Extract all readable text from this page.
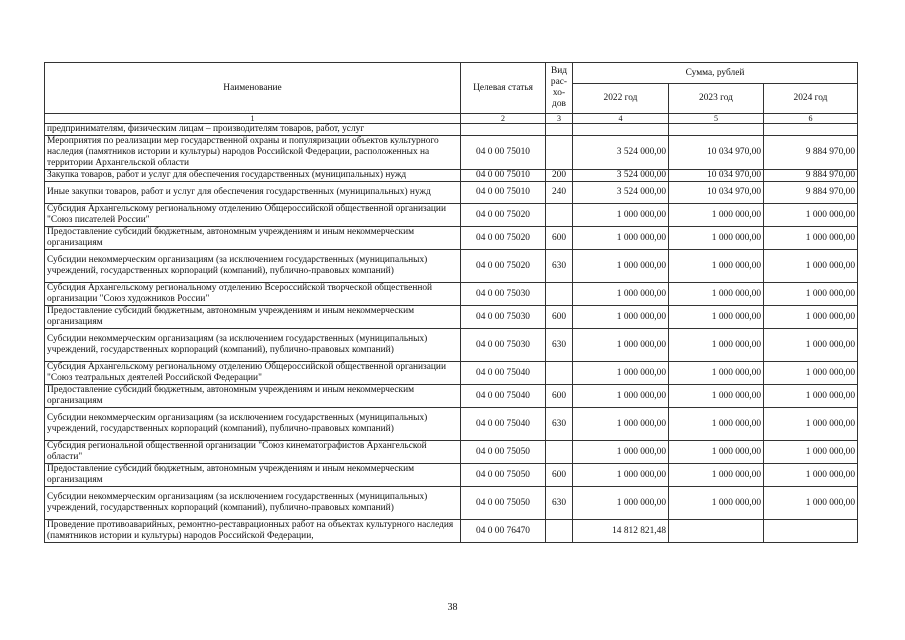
Наименование	Целевая статья	Вид рас-хо-дов	Сумма, рублей		
			2022 год	2023 год	2024 год
1	2	3	4	5	6
предпринимателям, физическим лицам – производителям товаров, работ, услуг					
Мероприятия по реализации мер государственной охраны и популяризации объектов культурного наследия (памятников истории и культуры) народов Российской Федерации, расположенных на территории Архангельской области	04 0 00 75010		3 524 000,00	10 034 970,00	9 884 970,00
Закупка товаров, работ и услуг для обеспечения государственных (муниципальных) нужд	04 0 00 75010	200	3 524 000,00	10 034 970,00	9 884 970,00
Иные закупки товаров, работ и услуг для обеспечения государственных (муниципальных) нужд	04 0 00 75010	240	3 524 000,00	10 034 970,00	9 884 970,00
Субсидия Архангельскому региональному отделению Общероссийской общественной организации "Союз писателей России"	04 0 00 75020		1 000 000,00	1 000 000,00	1 000 000,00
Предоставление субсидий бюджетным, автономным учреждениям и иным некоммерческим организациям	04 0 00 75020	600	1 000 000,00	1 000 000,00	1 000 000,00
Субсидии некоммерческим организациям (за исключением государственных (муниципальных) учреждений, государственных корпораций (компаний), публично-правовых компаний)	04 0 00 75020	630	1 000 000,00	1 000 000,00	1 000 000,00
Субсидия Архангельскому региональному отделению Всероссийской творческой общественной организации "Союз художников России"	04 0 00 75030		1 000 000,00	1 000 000,00	1 000 000,00
Предоставление субсидий бюджетным, автономным учреждениям и иным некоммерческим организациям	04 0 00 75030	600	1 000 000,00	1 000 000,00	1 000 000,00
Субсидии некоммерческим организациям (за исключением государственных (муниципальных) учреждений, государственных корпораций (компаний), публично-правовых компаний)	04 0 00 75030	630	1 000 000,00	1 000 000,00	1 000 000,00
Субсидия Архангельскому региональному отделению Общероссийской общественной организации "Союз театральных деятелей Российской Федерации"	04 0 00 75040		1 000 000,00	1 000 000,00	1 000 000,00
Предоставление субсидий бюджетным, автономным учреждениям и иным некоммерческим организациям	04 0 00 75040	600	1 000 000,00	1 000 000,00	1 000 000,00
Субсидии некоммерческим организациям (за исключением государственных (муниципальных) учреждений, государственных корпораций (компаний), публично-правовых компаний)	04 0 00 75040	630	1 000 000,00	1 000 000,00	1 000 000,00
Субсидия региональной общественной организации "Союз кинематографистов Архангельской области"	04 0 00 75050		1 000 000,00	1 000 000,00	1 000 000,00
Предоставление субсидий бюджетным, автономным учреждениям и иным некоммерческим организациям	04 0 00 75050	600	1 000 000,00	1 000 000,00	1 000 000,00
Субсидии некоммерческим организациям (за исключением государственных (муниципальных) учреждений, государственных корпораций (компаний), публично-правовых компаний)	04 0 00 75050	630	1 000 000,00	1 000 000,00	1 000 000,00
Проведение противоаварийных, ремонтно-реставрационных работ на объектах культурного наследия (памятников истории и культуры) народов Российской Федерации,	04 0 00 76470		14 812 821,48		
38
